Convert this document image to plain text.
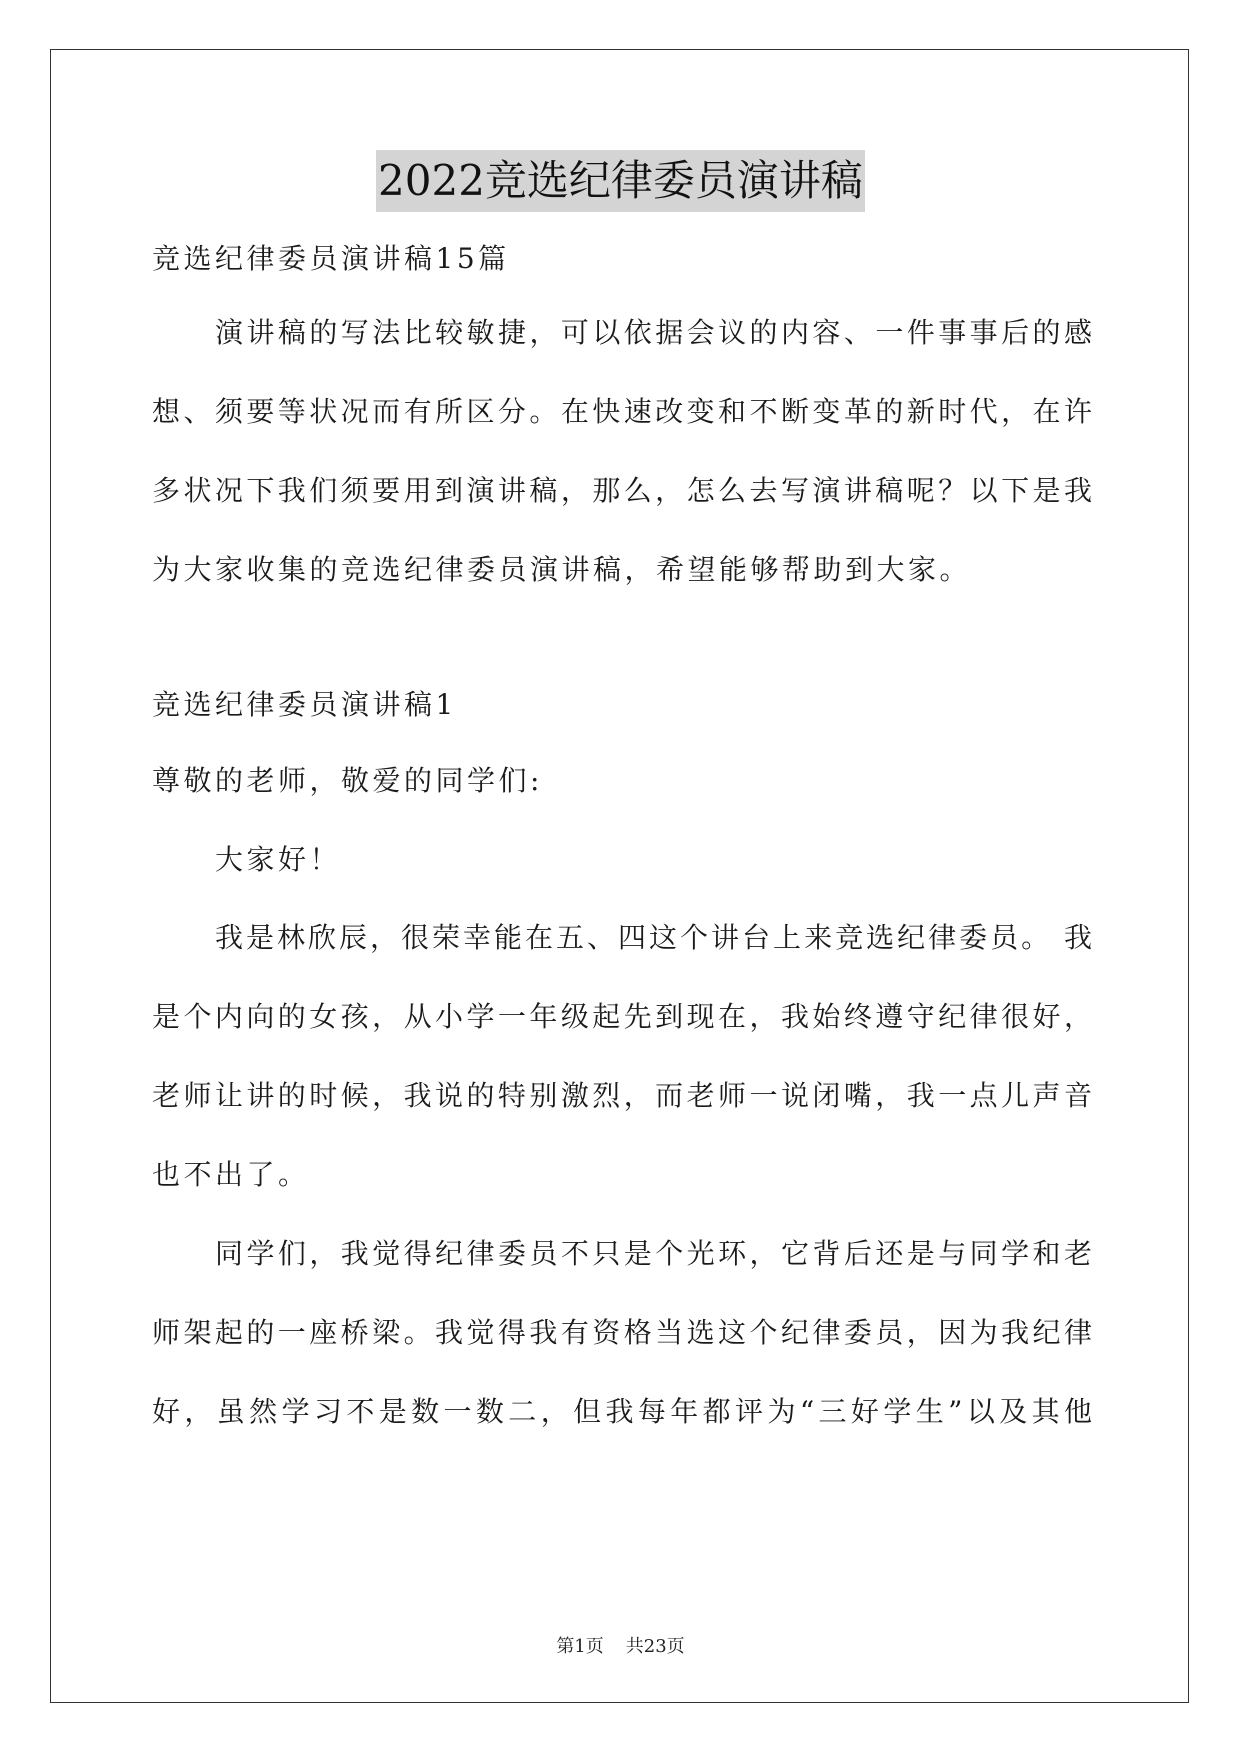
2022竞选纪律委员演讲稿
竞选纪律委员演讲稿15篇
演讲稿的写法比较敏捷，可以依据会议的内容、一件事事后的感
想、须要等状况而有所区分。在快速改变和不断变革的新时代，在许
多状况下我们须要用到演讲稿，那么，怎么去写演讲稿呢？以下是我
为大家收集的竞选纪律委员演讲稿，希望能够帮助到大家。
竞选纪律委员演讲稿1
尊敬的老师，敬爱的同学们:
大家好！
我是林欣辰，很荣幸能在五、四这个讲台上来竞选纪律委员。 我
是个内向的女孩，从小学一年级起先到现在，我始终遵守纪律很好，
老师让讲的时候，我说的特别激烈，而老师一说闭嘴，我一点儿声音
也不出了。
同学们，我觉得纪律委员不只是个光环，它背后还是与同学和老
师架起的一座桥梁。我觉得我有资格当选这个纪律委员，因为我纪律
好，虽然学习不是数一数二，但我每年都评为“三好学生”以及其他
第1页 共23页
